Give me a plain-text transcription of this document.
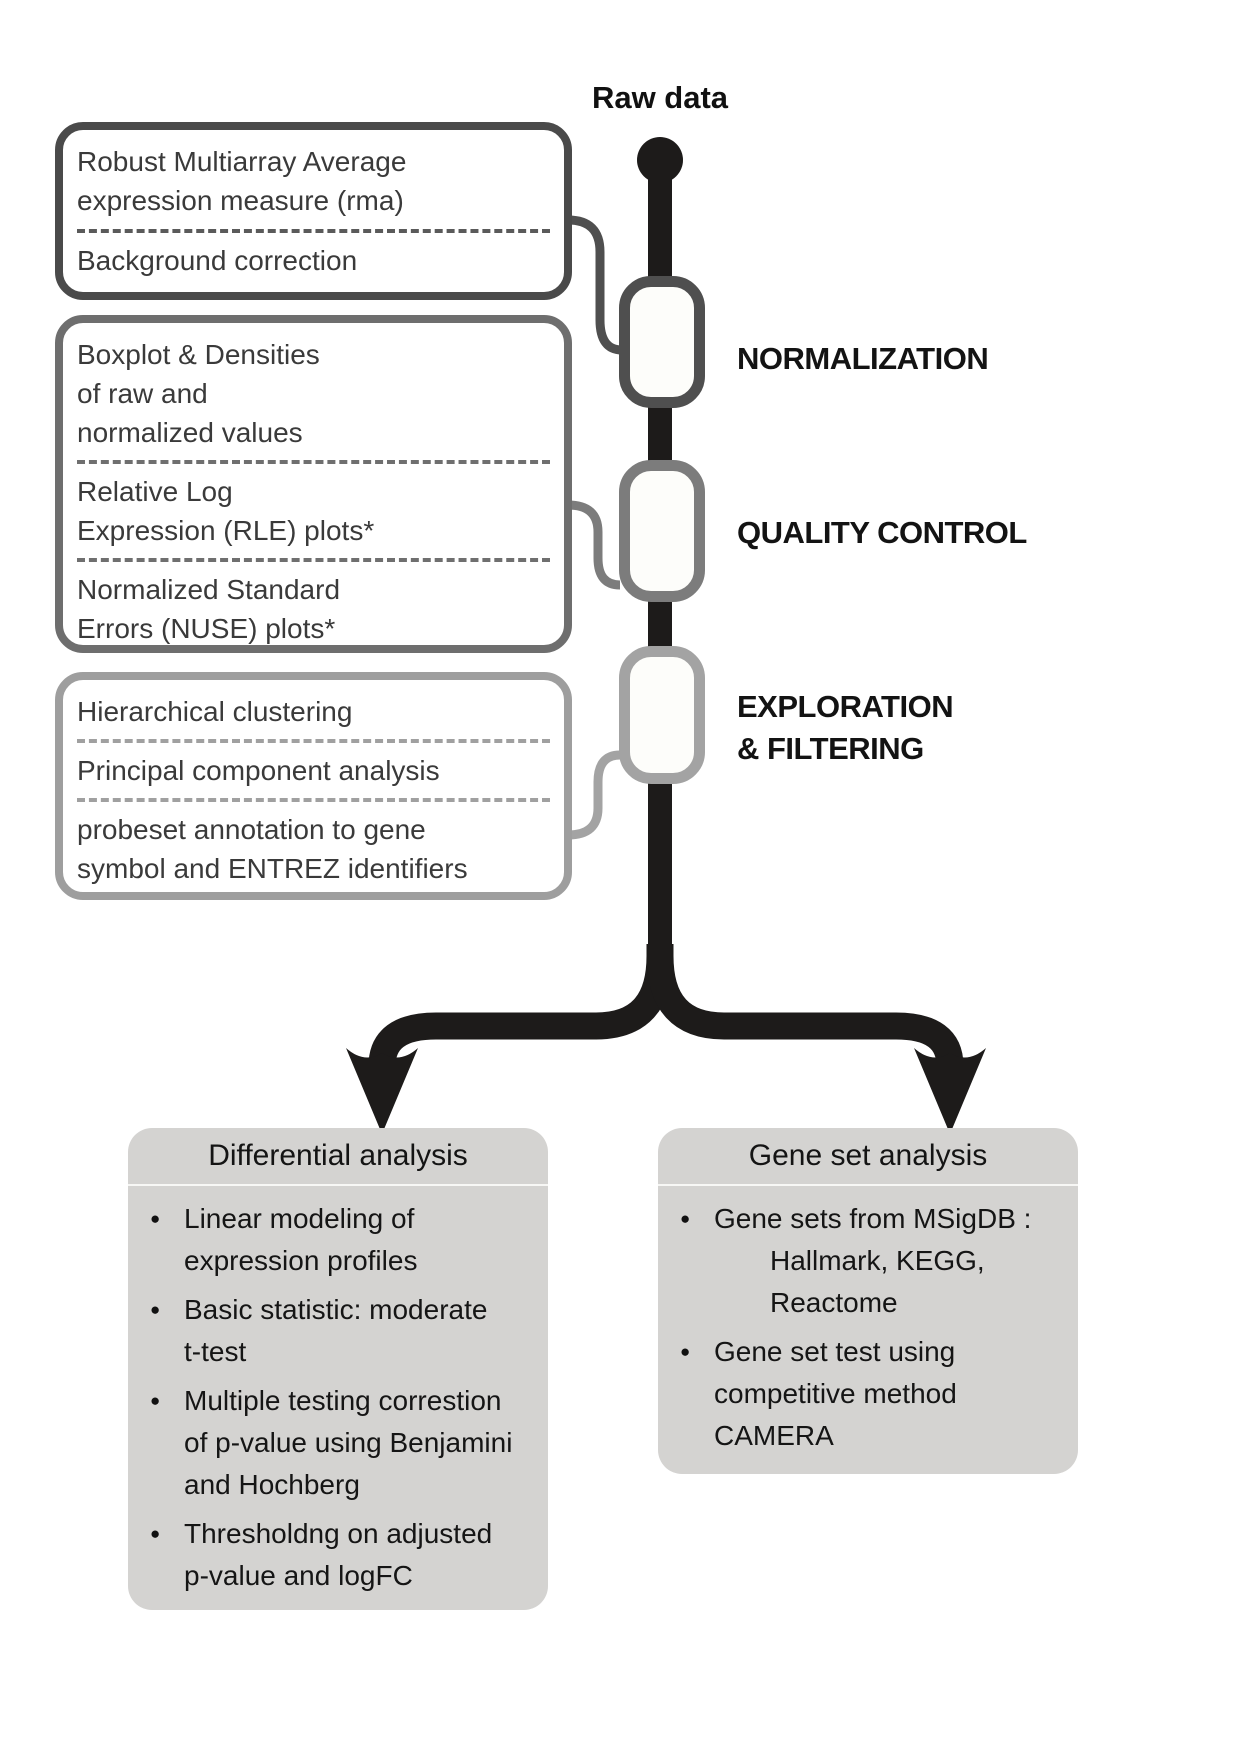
Raw data
Robust Multiarray Average
expression measure (rma)
Background correction
Boxplot & Densities
of raw and
normalized values
Relative Log
Expression (RLE) plots*
Normalized Standard
Errors (NUSE) plots*
Hierarchical clustering
Principal component analysis
probeset annotation to gene
symbol and ENTREZ identifiers
NORMALIZATION
QUALITY CONTROL
EXPLORATION
& FILTERING
Differential analysis
● Linear modeling of
expression profiles
● Basic statistic: moderate
t-test
● Multiple testing correstion
of p-value using Benjamini
and Hochberg
● Thresholdng on adjusted
p-value and logFC
Gene set analysis
● Gene sets from MSigDB :
Hallmark, KEGG,
Reactome
● Gene set test using
competitive method
CAMERA
